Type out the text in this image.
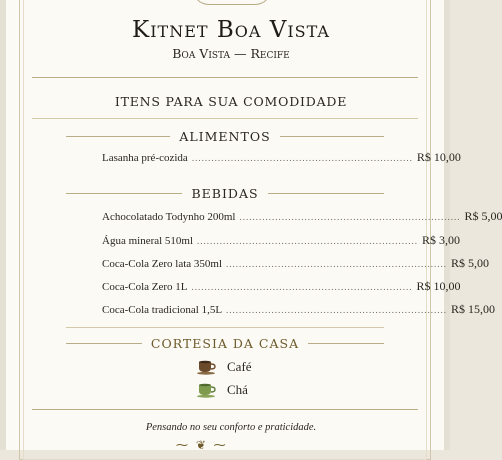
Kitnet Boa Vista
Boa Vista — Recife
ITENS PARA SUA COMODIDADE
ALIMENTOS
Lasanha pré-cozida .................................................................... R$ 10,00
BEBIDAS
Achocolatado Todynho 200ml .................................................................... R$ 5,00
Água mineral 510ml .................................................................... R$ 3,00
Coca-Cola Zero lata 350ml .................................................................... R$ 5,00
Coca-Cola Zero 1L .................................................................... R$ 10,00
Coca-Cola tradicional 1,5L .................................................................... R$ 15,00
CORTESIA DA CASA
Café
Chá
Pensando no seu conforto e praticidade.
⁓ ❦ ⁓
